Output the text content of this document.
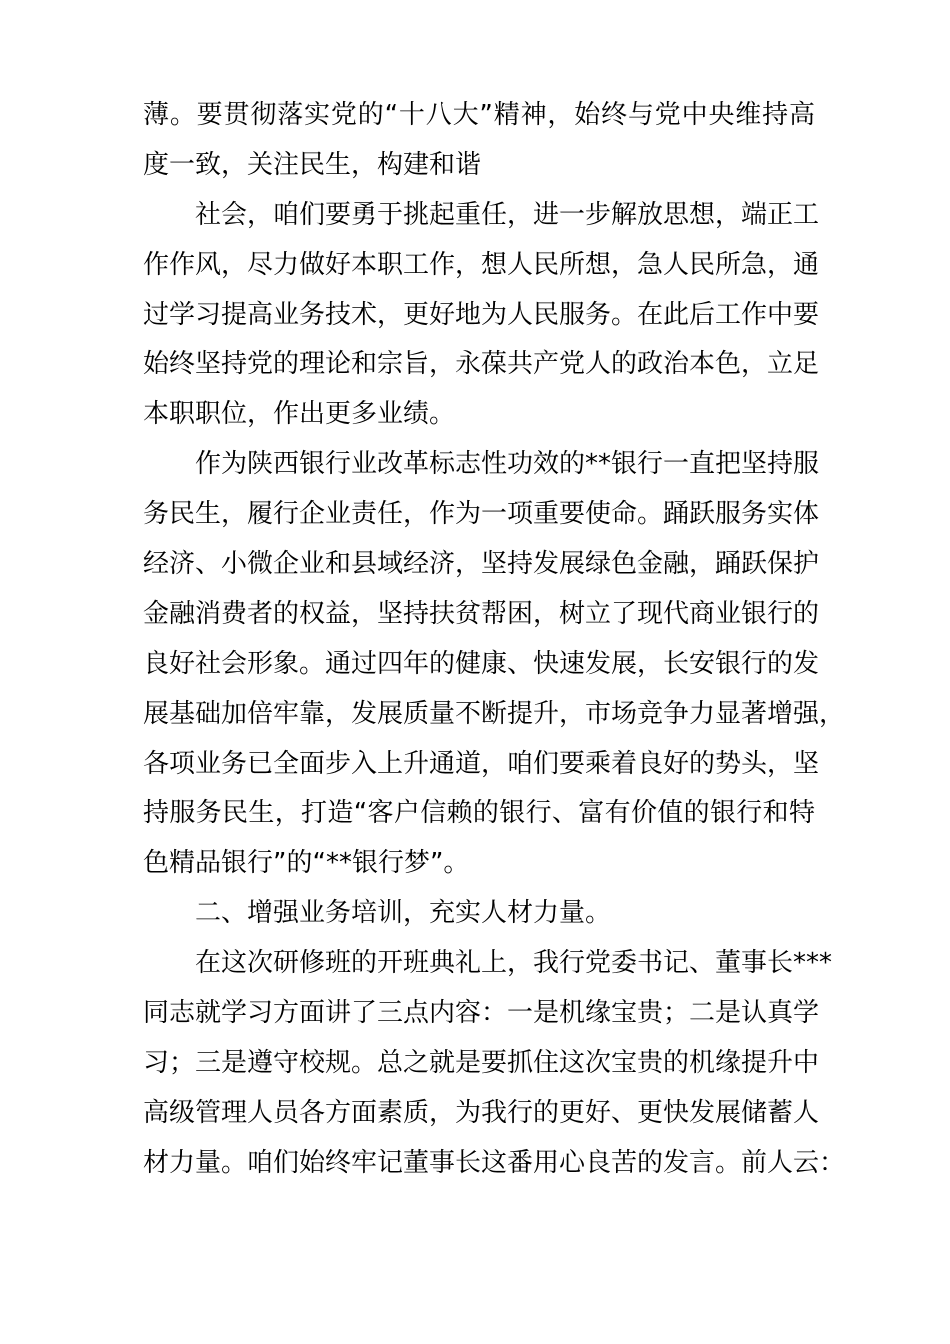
薄。要贯彻落实党的“十八大”精神，始终与党中央维持高
度一致，关注民生，构建和谐
社会，咱们要勇于挑起重任，进一步解放思想，端正工
作作风，尽力做好本职工作，想人民所想，急人民所急，通
过学习提高业务技术，更好地为人民服务。在此后工作中要
始终坚持党的理论和宗旨，永葆共产党人的政治本色，立足
本职职位，作出更多业绩。
作为陕西银行业改革标志性功效的**银行一直把坚持服
务民生，履行企业责任，作为一项重要使命。踊跃服务实体
经济、小微企业和县域经济，坚持发展绿色金融，踊跃保护
金融消费者的权益，坚持扶贫帮困，树立了现代商业银行的
良好社会形象。通过四年的健康、快速发展，长安银行的发
展基础加倍牢靠，发展质量不断提升，市场竞争力显著增强，
各项业务已全面步入上升通道，咱们要乘着良好的势头，坚
持服务民生，打造“客户信赖的银行、富有价值的银行和特
色精品银行”的“**银行梦”。
二、增强业务培训，充实人材力量。
在这次研修班的开班典礼上，我行党委书记、董事长***
同志就学习方面讲了三点内容：一是机缘宝贵；二是认真学
习；三是遵守校规。总之就是要抓住这次宝贵的机缘提升中
高级管理人员各方面素质，为我行的更好、更快发展储蓄人
材力量。咱们始终牢记董事长这番用心良苦的发言。前人云：
